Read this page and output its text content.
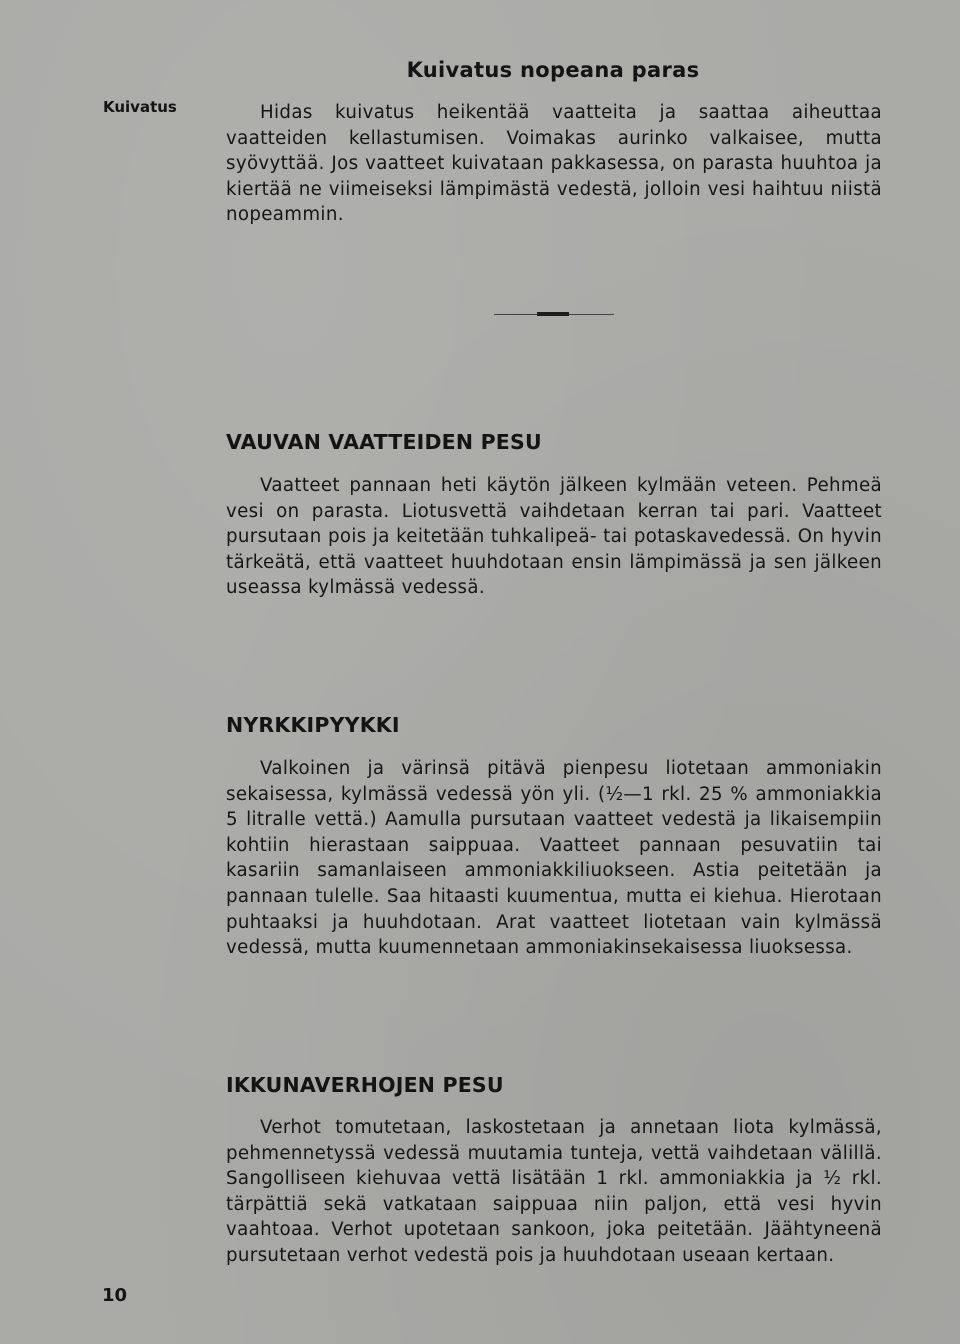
Kuivatus nopeana paras
Kuivatus	Hidas kuivatus heikentää vaatteita ja saattaa aiheuttaa vaatteiden kellastumisen. Voimakas aurinko valkaisee, mutta syövyttää. Jos vaatteet kuivataan pakkasessa, on parasta huuhtoa ja kiertää ne viimeiseksi lämpimästä vedestä, jolloin vesi haihtuu niistä nopeammin.

VAUVAN VAATTEIDEN PESU

Vaatteet pannaan heti käytön jälkeen kylmään veteen. Pehmeä vesi on parasta. Liotusvettä vaihdetaan kerran tai pari. Vaatteet pursutaan pois ja keitetään tuhkalipeä- tai potaskavedessä. On hyvin tärkeätä, että vaatteet huuhdotaan ensin lämpimässä ja sen jälkeen useassa kylmässä vedessä.

NYRKKIPYYKKI

Valkoinen ja värinsä pitävä pienpesu liotetaan ammoniakin sekaisessa, kylmässä vedessä yön yli. (½—1 rkl. 25 % ammoniakkia 5 litralle vettä.) Aamulla pursutaan vaatteet vedestä ja likaisempiin kohtiin hierastaan saippuaa. Vaatteet pannaan pesuvatiin tai kasariin samanlaiseen ammoniakkiliuokseen. Astia peitetään ja pannaan tulelle. Saa hitaasti kuumentua, mutta ei kiehua. Hierotaan puhtaaksi ja huuhdotaan. Arat vaatteet liotetaan vain kylmässä vedessä, mutta kuumennetaan ammoniakinsekaisessa liuoksessa.

IKKUNAVERHOJEN PESU

Verhot tomutetaan, laskostetaan ja annetaan liota kylmässä, pehmennetyssä vedessä muutamia tunteja, vettä vaihdetaan välillä. Sangolliseen kiehuvaa vettä lisätään 1 rkl. ammoniakkia ja ½ rkl. tärpättiä sekä vatkataan saippuaa niin paljon, että vesi hyvin vaahtoaa. Verhot upotetaan sankoon, joka peitetään. Jäähtyneenä pursutetaan verhot vedestä pois ja huuhdotaan useaan kertaan.

10
